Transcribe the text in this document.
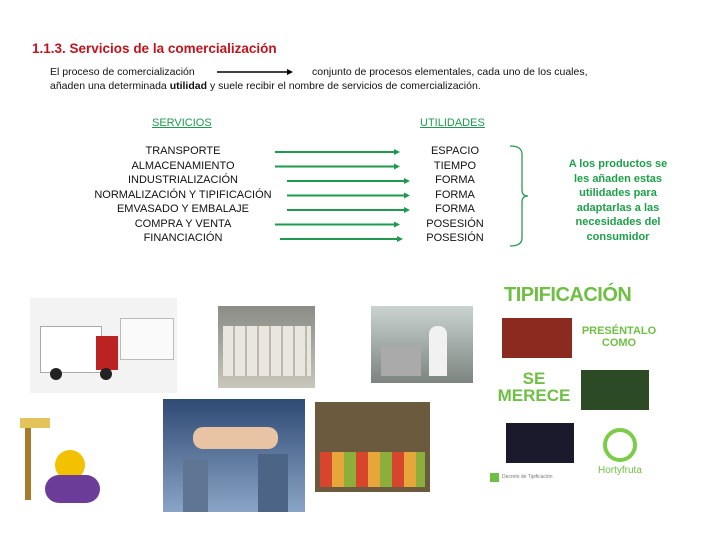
1.1.3. Servicios de la comercialización
El proceso de comercialización	conjunto de procesos elementales, cada uno de los cuales,
añaden una determinada utilidad y suele recibir el nombre de servicios de comercialización.
SERVICIOS	UTILIDADES
TRANSPORTE
ALMACENAMIENTO
INDUSTRIALIZACIÓN
NORMALIZACIÓN Y TIPIFICACIÓN
EMVASADO Y EMBALAJE
COMPRA Y VENTA
FINANCIACIÓN
ESPACIO
TIEMPO
FORMA
FORMA
FORMA
POSESIÓN
POSESIÓN
A los productos se les añaden estas utilidades para adaptarlas a las necesidades del consumidor
TIPIFICACIÓN
PRESÉNTALO COMO
SE MERECE
Hortyfruta
Decreto de Tipificación
